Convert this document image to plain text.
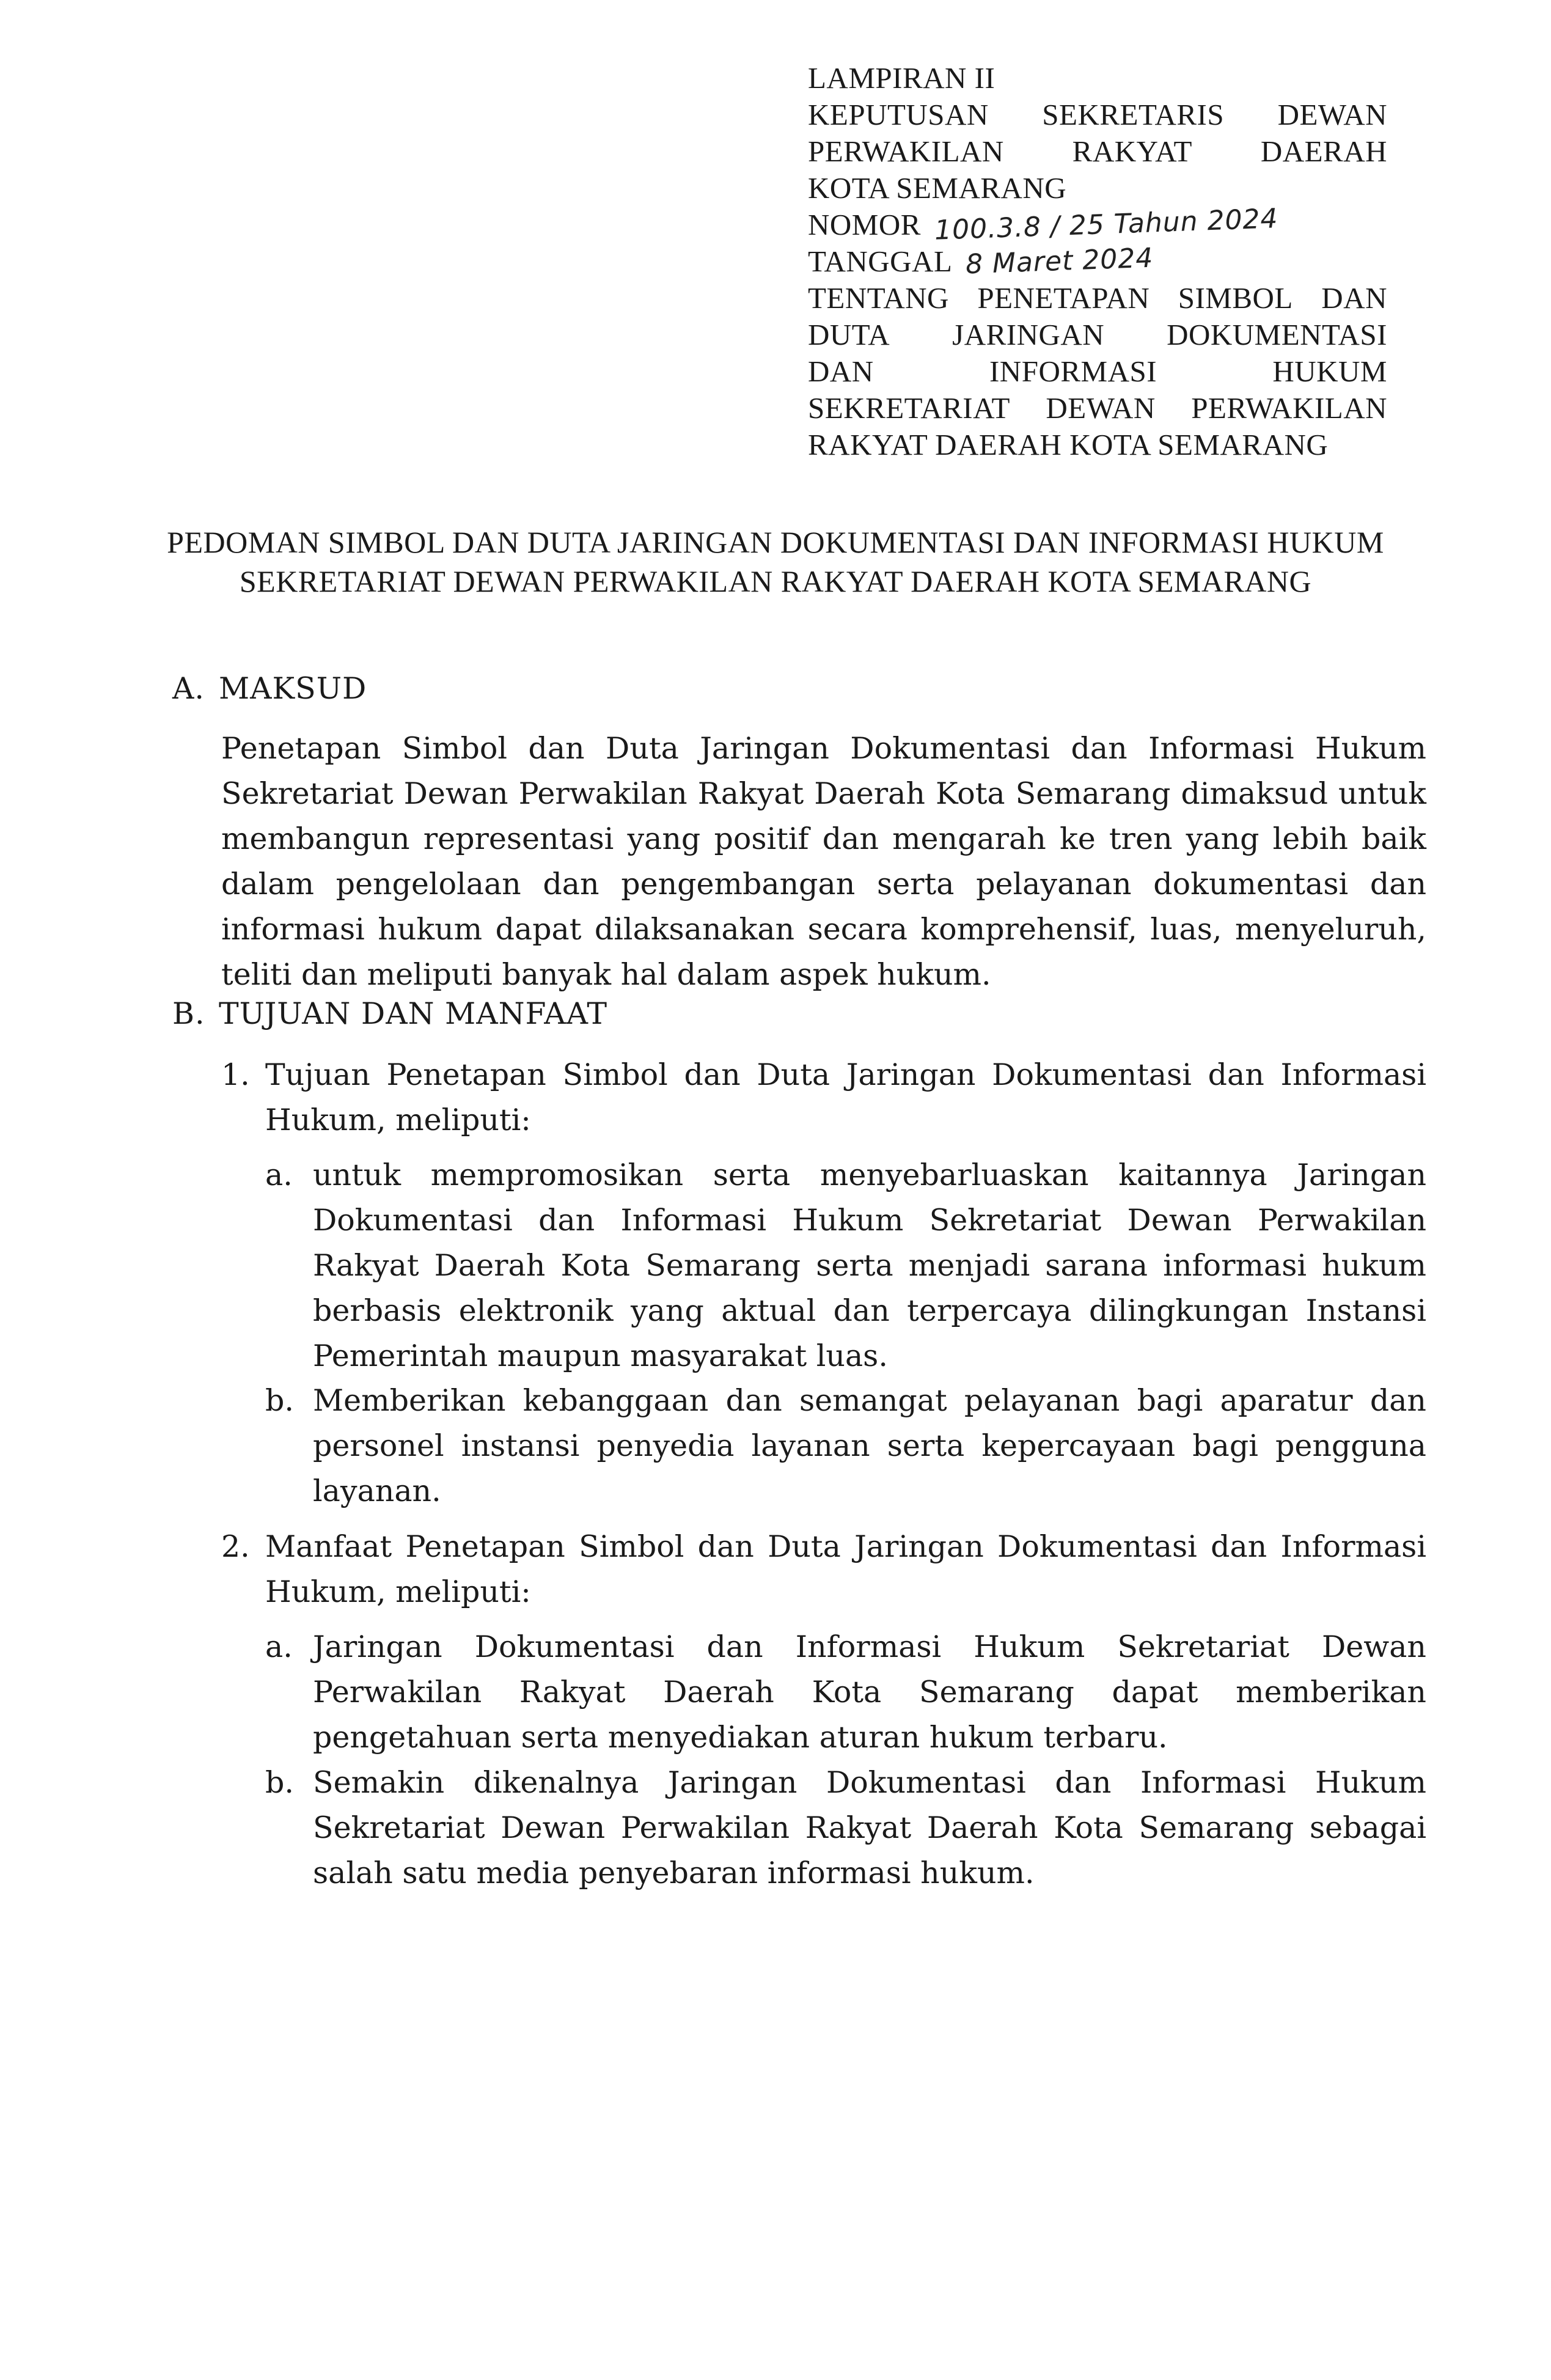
LAMPIRAN II
KEPUTUSAN SEKRETARIS DEWAN
PERWAKILAN RAKYAT DAERAH
KOTA SEMARANG
NOMOR 100.3.8 / 25 Tahun 2024
TANGGAL 8 Maret 2024
TENTANG PENETAPAN SIMBOL DAN
DUTA JARINGAN DOKUMENTASI
DAN	INFORMASI	HUKUM
SEKRETARIAT DEWAN PERWAKILAN
RAKYAT DAERAH KOTA SEMARANG
PEDOMAN SIMBOL DAN DUTA JARINGAN DOKUMENTASI DAN INFORMASI HUKUM
SEKRETARIAT DEWAN PERWAKILAN RAKYAT DAERAH KOTA SEMARANG
A. MAKSUD
Penetapan Simbol dan Duta Jaringan Dokumentasi dan Informasi Hukum Sekretariat Dewan Perwakilan Rakyat Daerah Kota Semarang dimaksud untuk membangun representasi yang positif dan mengarah ke tren yang lebih baik dalam pengelolaan dan pengembangan serta pelayanan dokumentasi dan informasi hukum dapat dilaksanakan secara komprehensif, luas, menyeluruh, teliti dan meliputi banyak hal dalam aspek hukum.
B. TUJUAN DAN MANFAAT
1. Tujuan Penetapan Simbol dan Duta Jaringan Dokumentasi dan Informasi Hukum, meliputi:
a. untuk mempromosikan serta menyebarluaskan kaitannya Jaringan Dokumentasi dan Informasi Hukum Sekretariat Dewan Perwakilan Rakyat Daerah Kota Semarang serta menjadi sarana informasi hukum berbasis elektronik yang aktual dan terpercaya dilingkungan Instansi Pemerintah maupun masyarakat luas.
b. Memberikan kebanggaan dan semangat pelayanan bagi aparatur dan personel instansi penyedia layanan serta kepercayaan bagi pengguna layanan.
2. Manfaat Penetapan Simbol dan Duta Jaringan Dokumentasi dan Informasi Hukum, meliputi:
a. Jaringan Dokumentasi dan Informasi Hukum Sekretariat Dewan Perwakilan Rakyat Daerah Kota Semarang dapat memberikan pengetahuan serta menyediakan aturan hukum terbaru.
b. Semakin dikenalnya Jaringan Dokumentasi dan Informasi Hukum Sekretariat Dewan Perwakilan Rakyat Daerah Kota Semarang sebagai salah satu media penyebaran informasi hukum.
